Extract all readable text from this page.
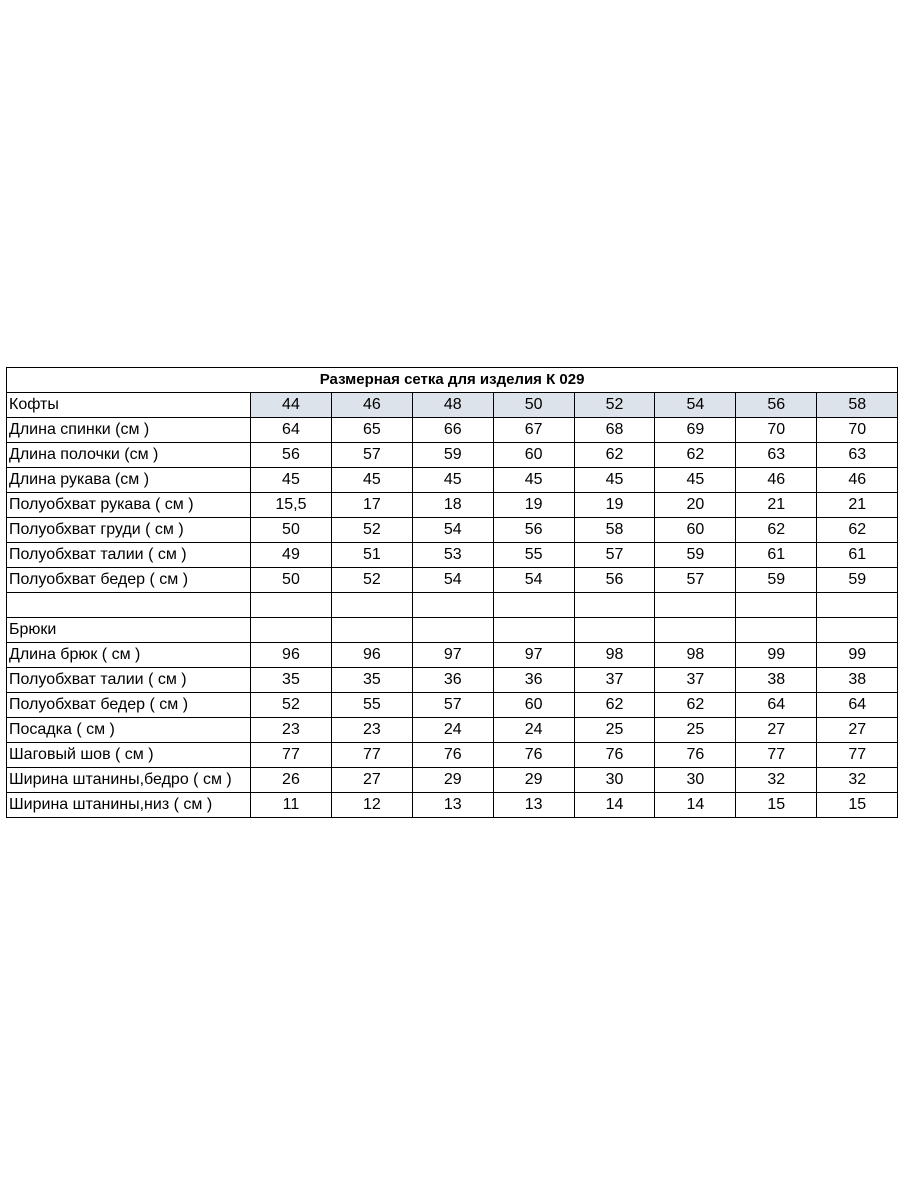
Размерная сетка для изделия К 029								
Кофты	44	46	48	50	52	54	56	58
Длина спинки (см )	64	65	66	67	68	69	70	70
Длина полочки (см )	56	57	59	60	62	62	63	63
Длина рукава (см )	45	45	45	45	45	45	46	46
Полуобхват рукава ( см )	15,5	17	18	19	19	20	21	21
Полуобхват груди ( см )	50	52	54	56	58	60	62	62
Полуобхват талии ( см )	49	51	53	55	57	59	61	61
Полуобхват бедер ( см )	50	52	54	54	56	57	59	59

Брюки								
Длина брюк ( см )	96	96	97	97	98	98	99	99
Полуобхват талии ( см )	35	35	36	36	37	37	38	38
Полуобхват бедер ( см )	52	55	57	60	62	62	64	64
Посадка ( см )	23	23	24	24	25	25	27	27
Шаговый шов ( см )	77	77	76	76	76	76	77	77
Ширина штанины,бедро ( см )	26	27	29	29	30	30	32	32
Ширина штанины,низ ( см )	11	12	13	13	14	14	15	15
